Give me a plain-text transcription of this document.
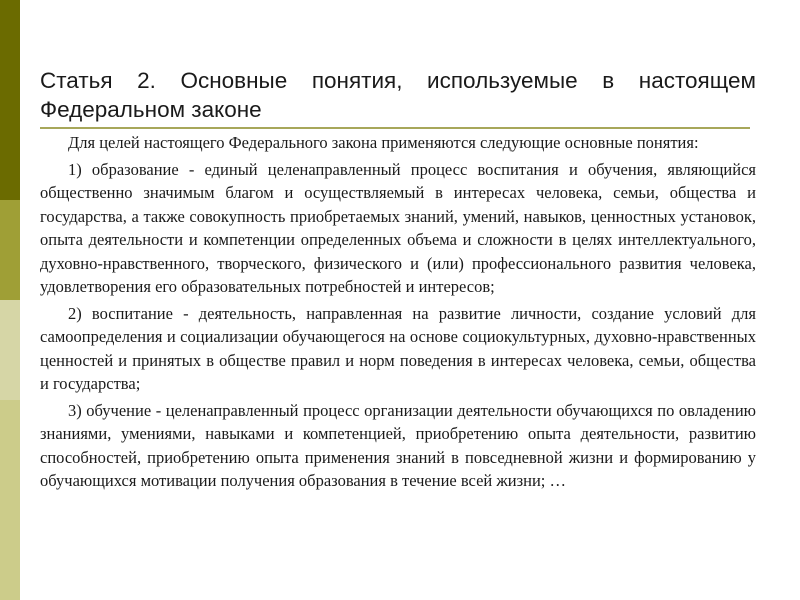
Статья 2. Основные понятия, используемые в настоящем Федеральном законе

Для целей настоящего Федерального закона применяются следующие основные понятия:

1) образование - единый целенаправленный процесс воспитания и обучения, являющийся общественно значимым благом и осуществляемый в интересах человека, семьи, общества и государства, а также совокупность приобретаемых знаний, умений, навыков, ценностных установок, опыта деятельности и компетенции определенных объема и сложности в целях интеллектуального, духовно-нравственного, творческого, физического и (или) профессионального развития человека, удовлетворения его образовательных потребностей и интересов;

2) воспитание - деятельность, направленная на развитие личности, создание условий для самоопределения и социализации обучающегося на основе социокультурных, духовно-нравственных ценностей и принятых в обществе правил и норм поведения в интересах человека, семьи, общества и государства;

3) обучение - целенаправленный процесс организации деятельности обучающихся по овладению знаниями, умениями, навыками и компетенцией, приобретению опыта деятельности, развитию способностей, приобретению опыта применения знаний в повседневной жизни и формированию у обучающихся мотивации получения образования в течение всей жизни; …
